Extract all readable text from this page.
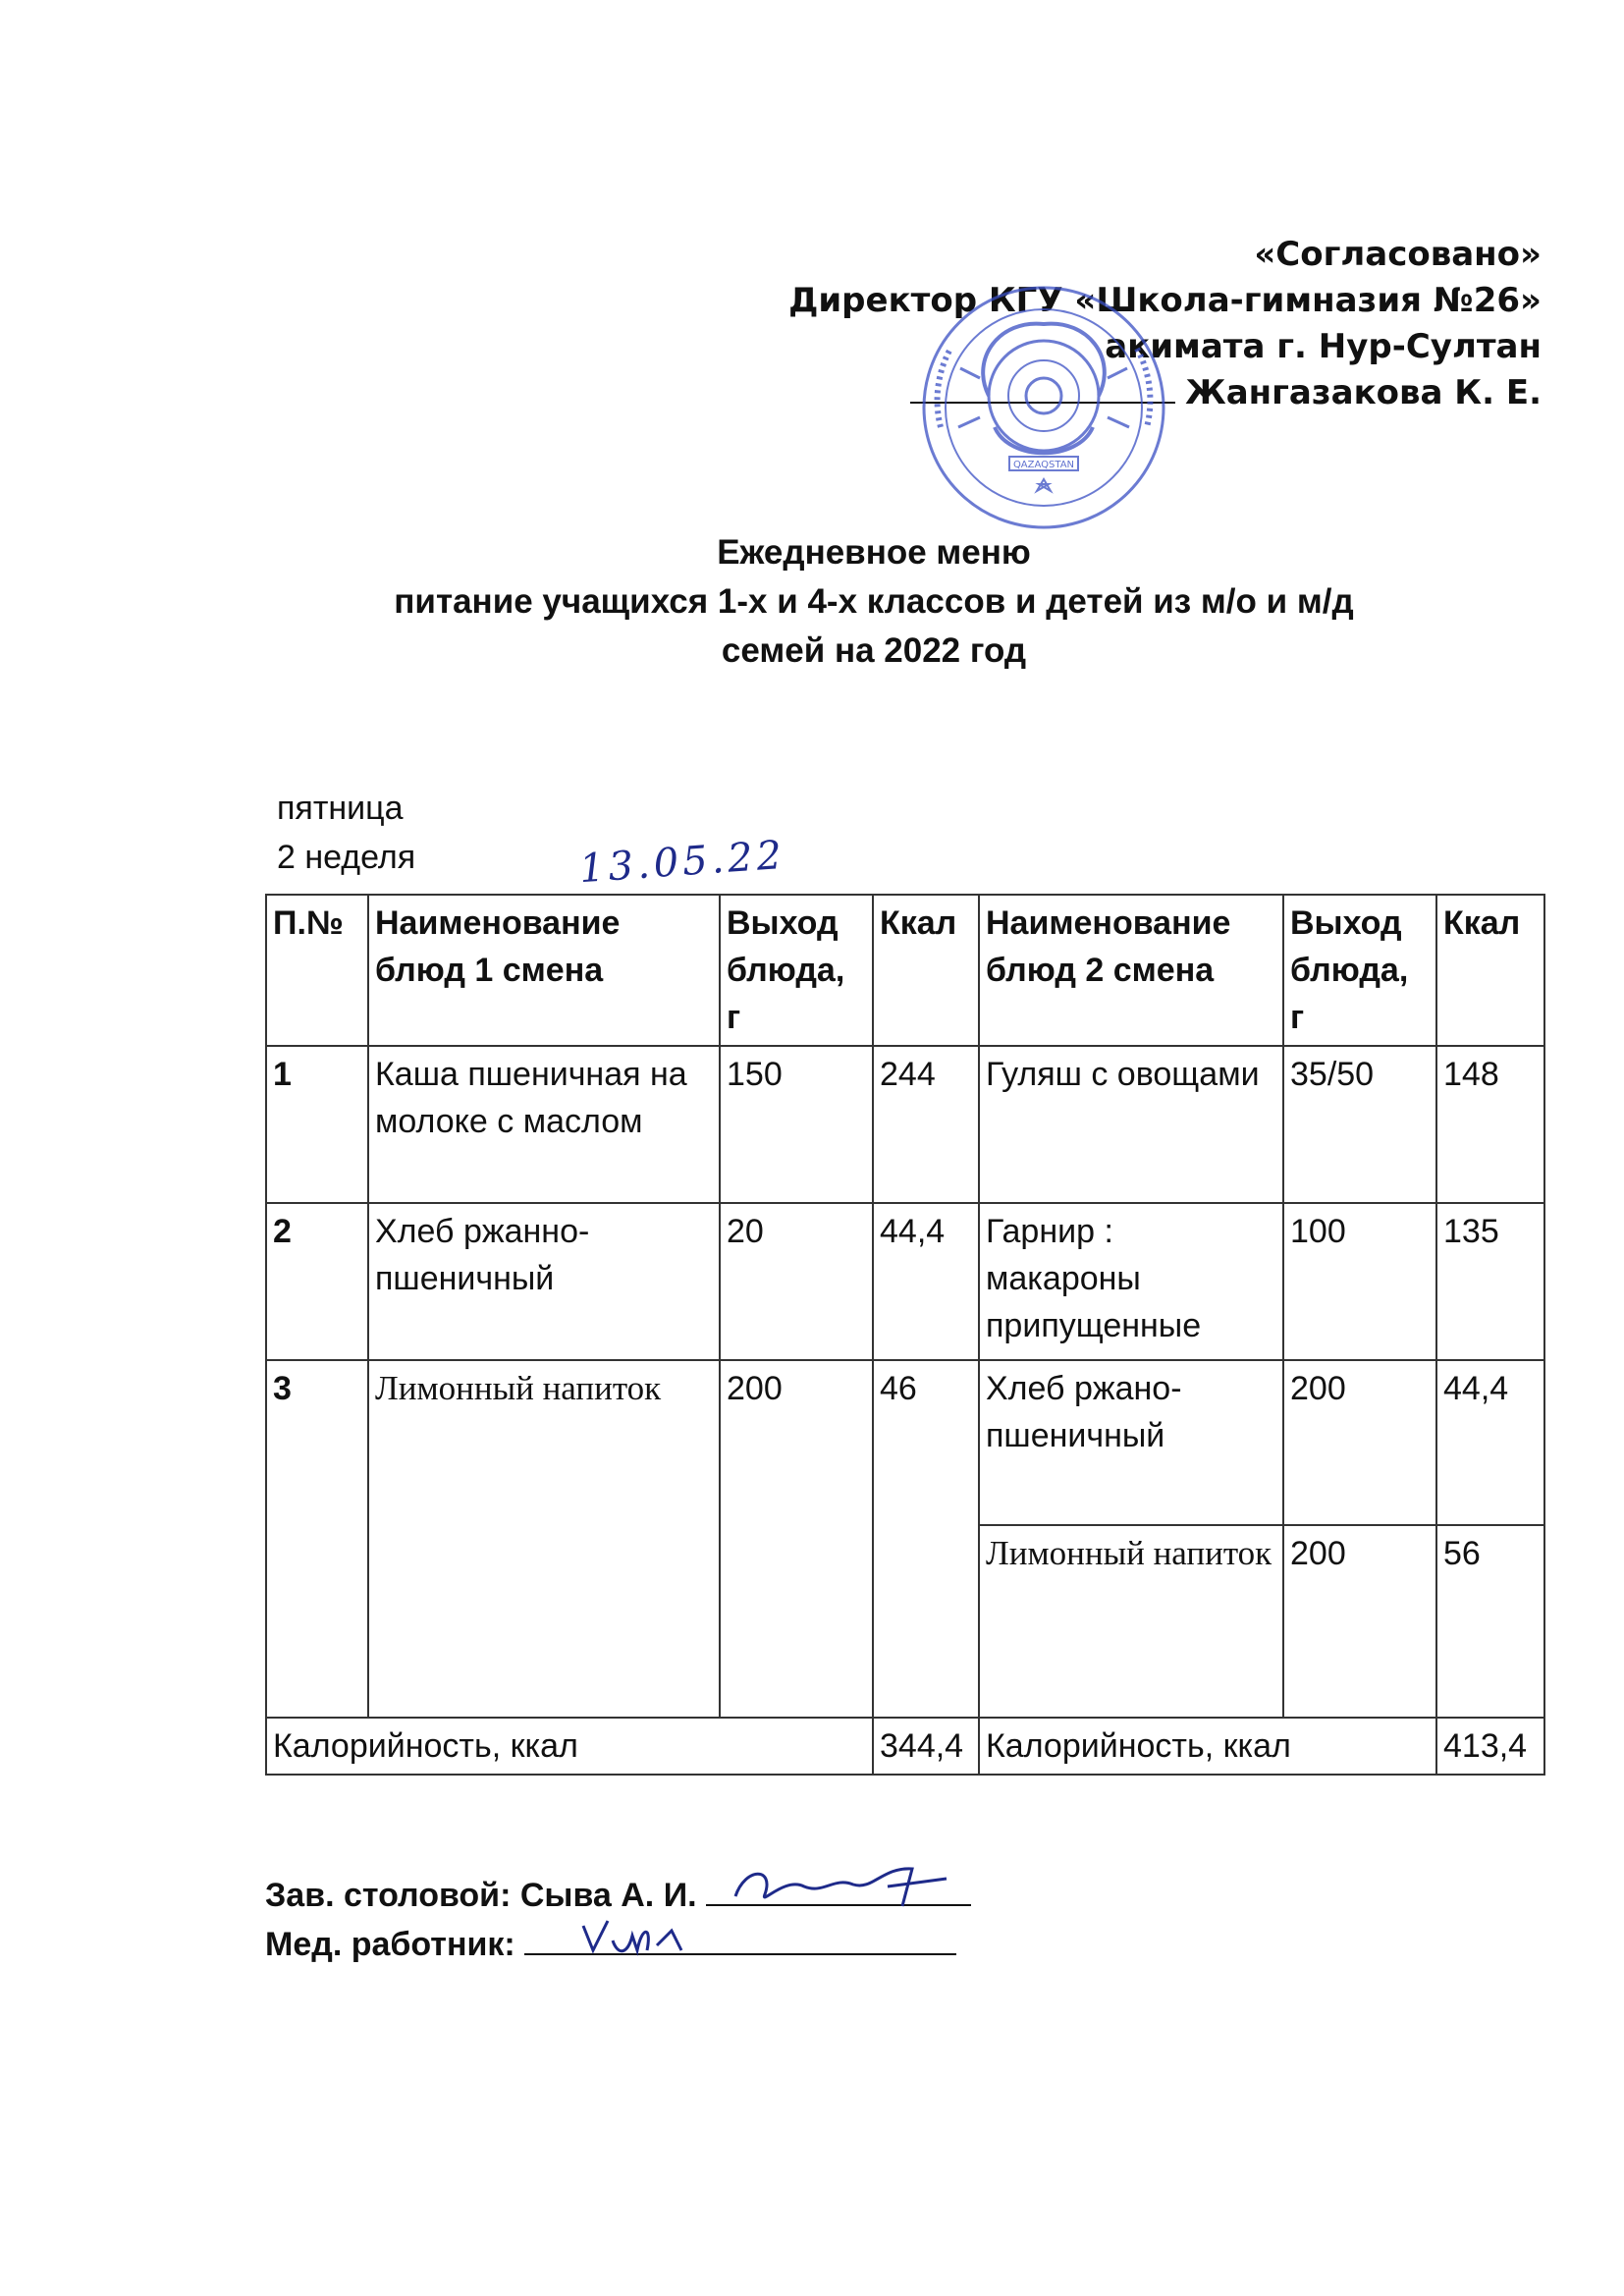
«Согласовано»
Директор КГУ «Школа-гимназия №26»
акимата г. Нур-Султан
Жангазакова К. Е.
QAZAQSTAN
Ежедневное меню
питание учащихся 1-х и 4-х классов и детей из м/о и м/д
семей на 2022 год
пятница
2 неделя	13.05.22
П.№	Наименование блюд 1 смена	Выход блюда, г	Ккал	Наименование блюд 2 смена	Выход блюда, г	Ккал
1	Каша пшеничная на молоке с маслом	150	244	Гуляш с овощами	35/50	148
2	Хлеб ржанно-пшеничный	20	44,4	Гарнир : макароны припущенные	100	135
3	Лимонный напиток	200	46	Хлеб ржано-пшеничный	200	44,4
				Лимонный напиток	200	56
Калорийность, ккал			344,4	Калорийность, ккал		413,4
Зав. столовой: Сыва А. И.
Мед. работник:
